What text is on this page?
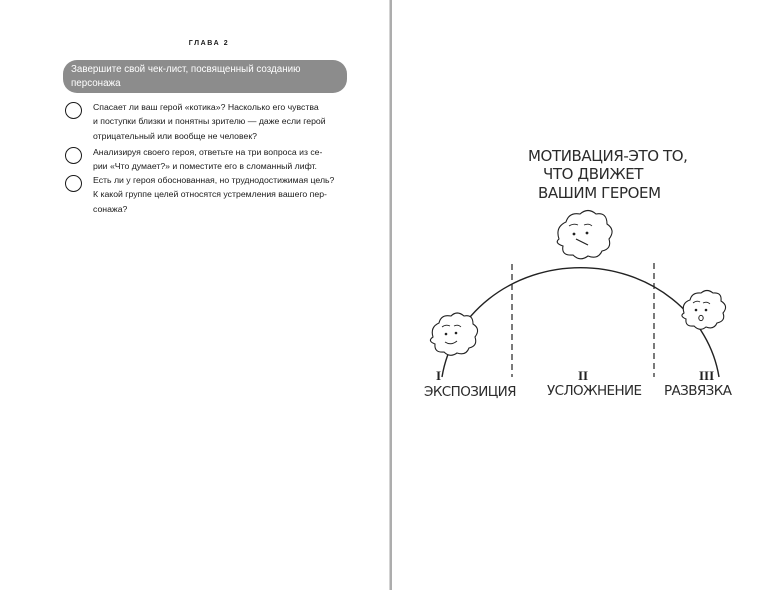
ГЛАВА 2
Завершите свой чек-лист, посвященный созданию персонажа
Спасает ли ваш герой «котика»? Насколько его чувства
и поступки близки и понятны зрителю — даже если герой
отрицательный или вообще не человек?
Анализируя своего героя, ответьте на три вопроса из се-
рии «Что думает?» и поместите его в сломанный лифт.
Есть ли у героя обоснованная, но труднодостижимая цель?
К какой группе целей относятся устремления вашего пер-
сонажа?
МОТИВАЦИЯ-ЭТО ТО,
ЧТО ДВИЖЕТ
ВАШИМ ГЕРОЕМ
I	II	III
ЭКСПОЗИЦИЯ УСЛОЖНЕНИЕ РАЗВЯЗКА
